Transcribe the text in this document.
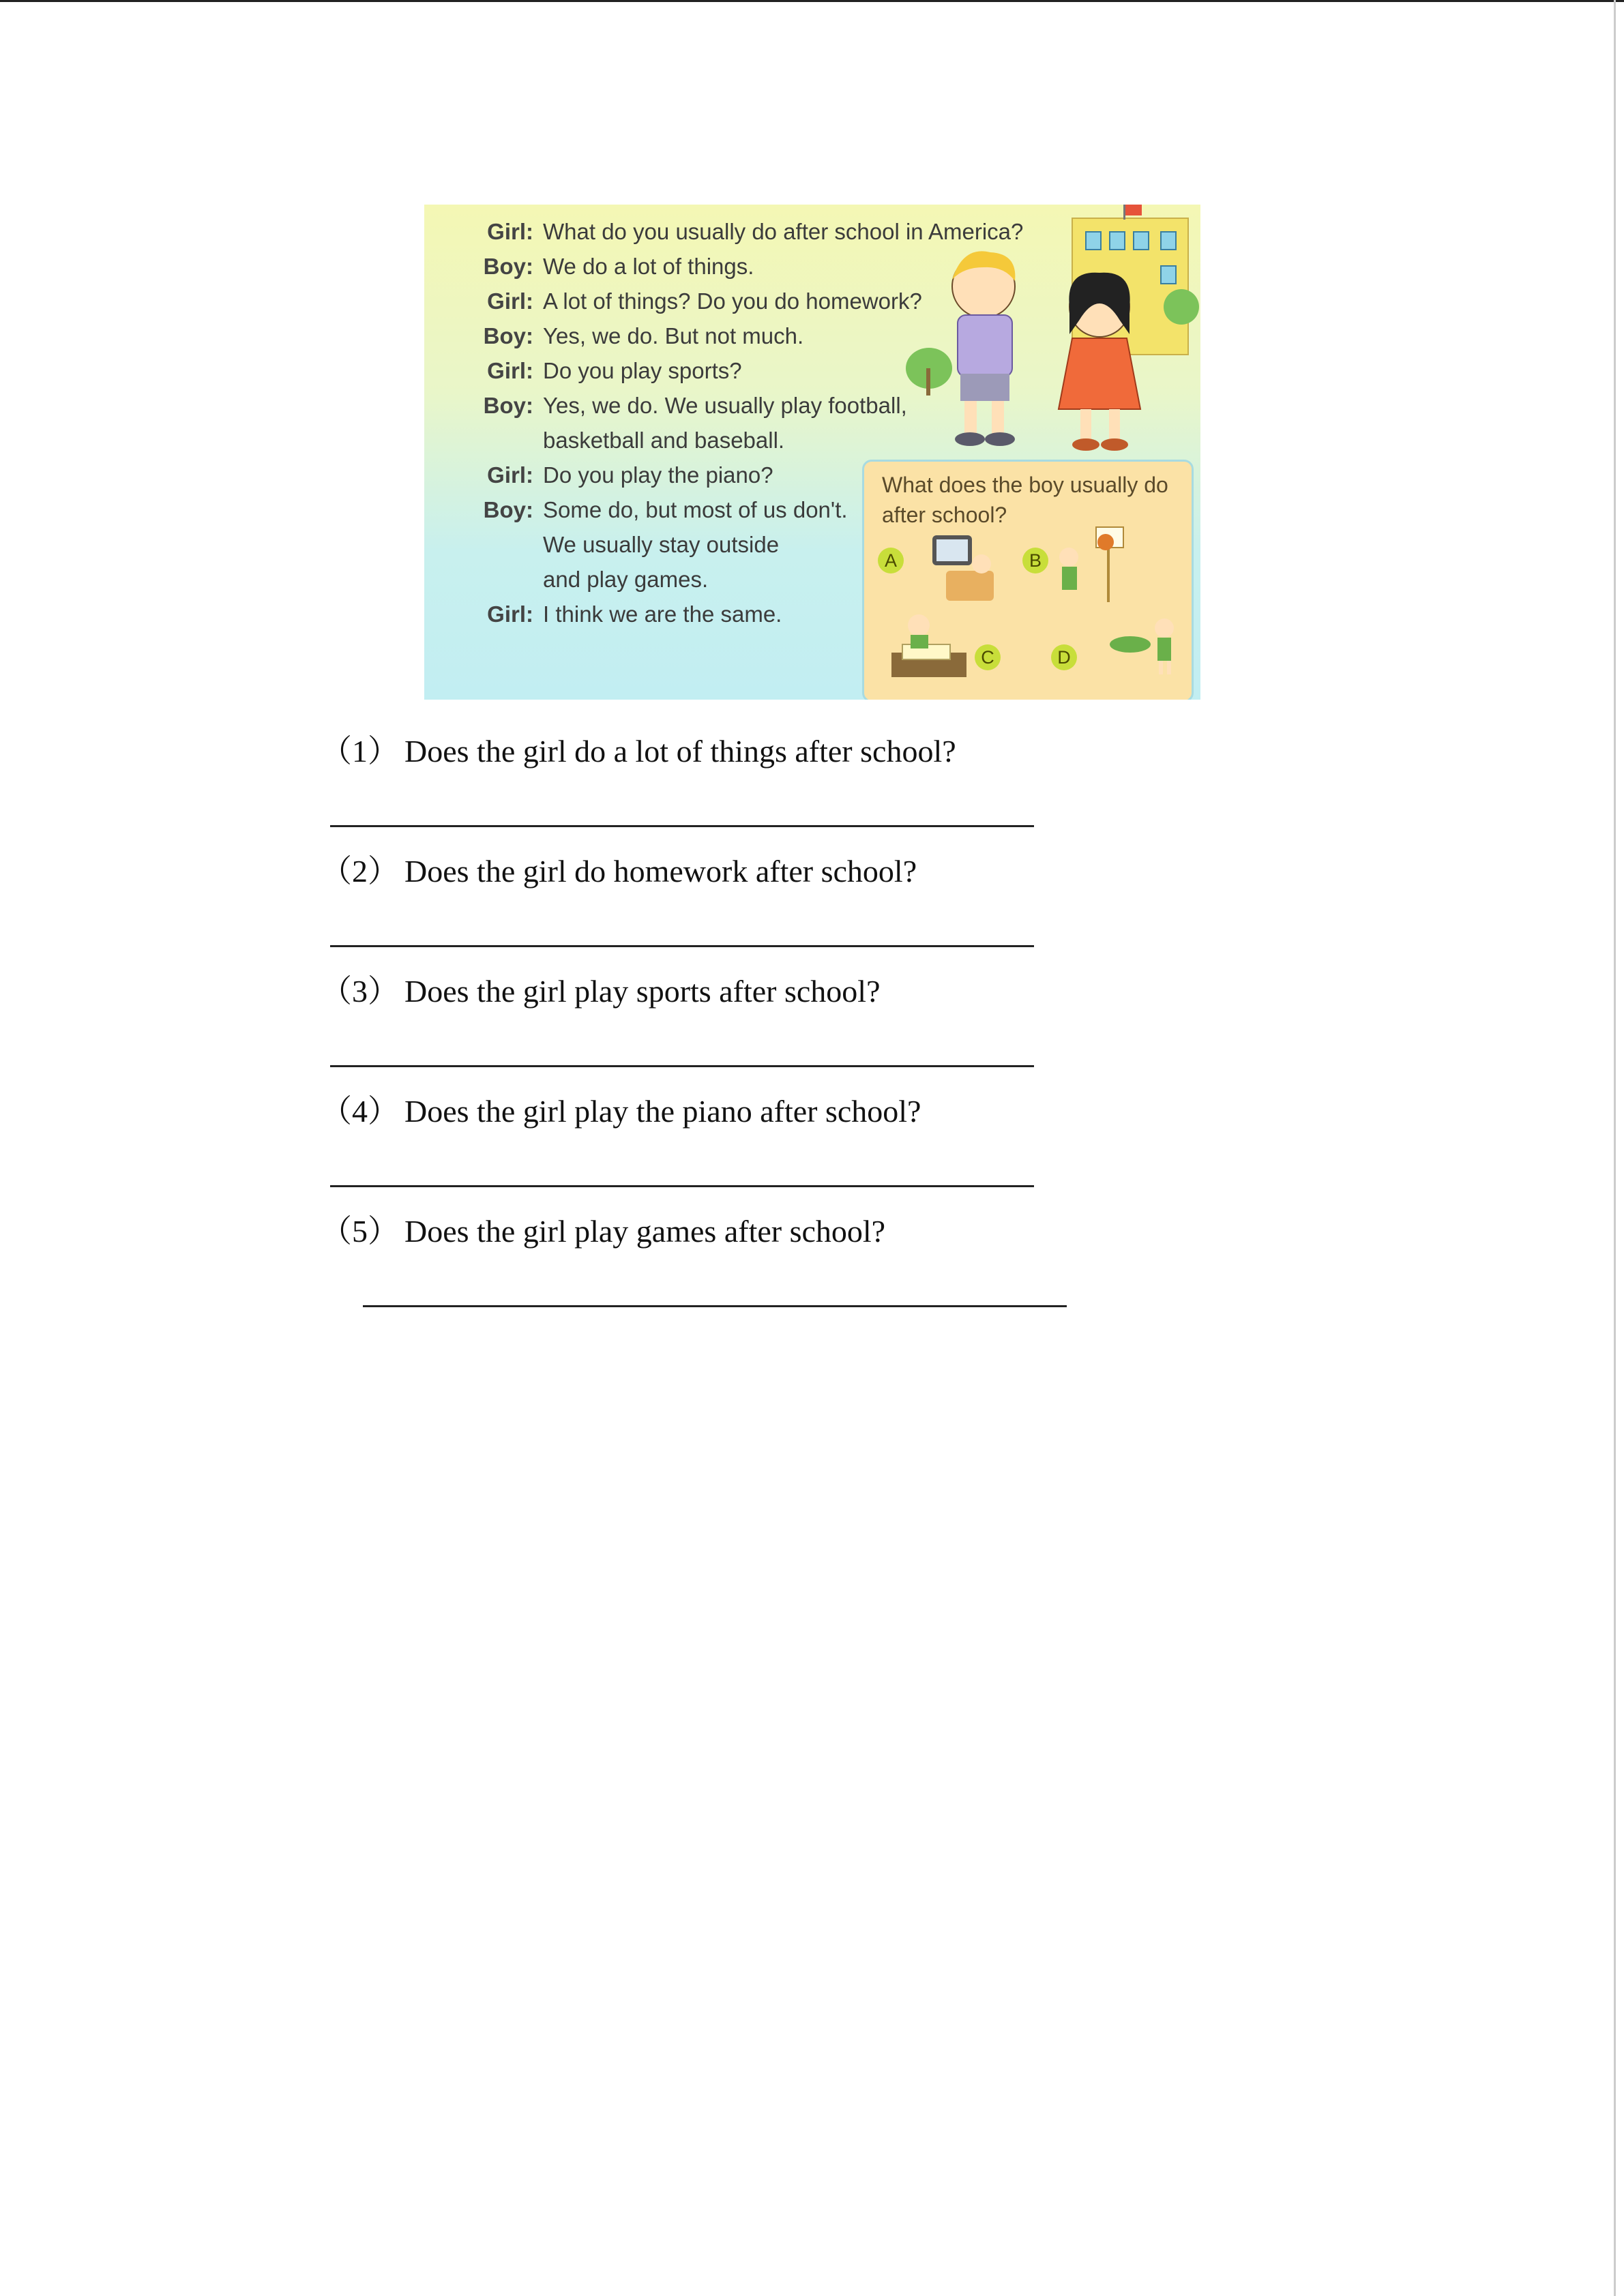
Girl: What do you usually do after school in America?
Boy: We do a lot of things.
Girl: A lot of things? Do you do homework?
Boy: Yes, we do. But not much.
Girl: Do you play sports?
Boy: Yes, we do. We usually play football,
basketball and baseball.
Girl: Do you play the piano?
Boy: Some do, but most of us don't.
We usually stay outside
and play games.
Girl: I think we are the same.
What does the boy usually do after school?
A	B
C	D
（1） Does the girl do a lot of things after school?
（2） Does the girl do homework after school?
（3） Does the girl play sports after school?
（4） Does the girl play the piano after school?
（5） Does the girl play games after school?
